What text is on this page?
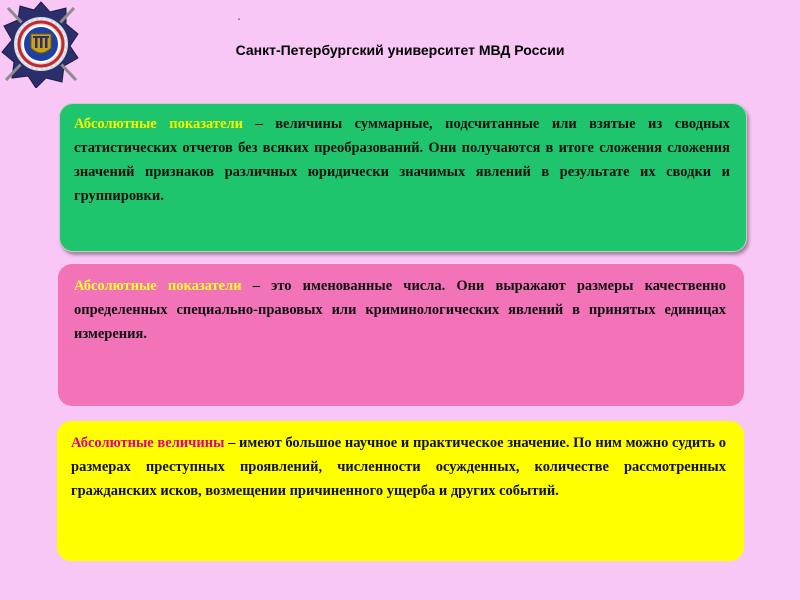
.
Санкт-Петербургский университет МВД России
Абсолютные показатели – величины суммарные, подсчитанные или взятые из сводных статистических отчетов без всяких преобразований. Они получаются в итоге сложения сложения значений признаков различных юридически значимых явлений в результате их сводки и группировки.
Абсолютные показатели – это именованные числа. Они выражают размеры качественно определенных специально-правовых или криминологических явлений в принятых единицах измерения.
Абсолютные величины – имеют большое научное и практическое значение. По ним можно судить о размерах преступных проявлений, численности осужденных, количестве рассмотренных гражданских исков, возмещении причиненного ущерба и других событий.
